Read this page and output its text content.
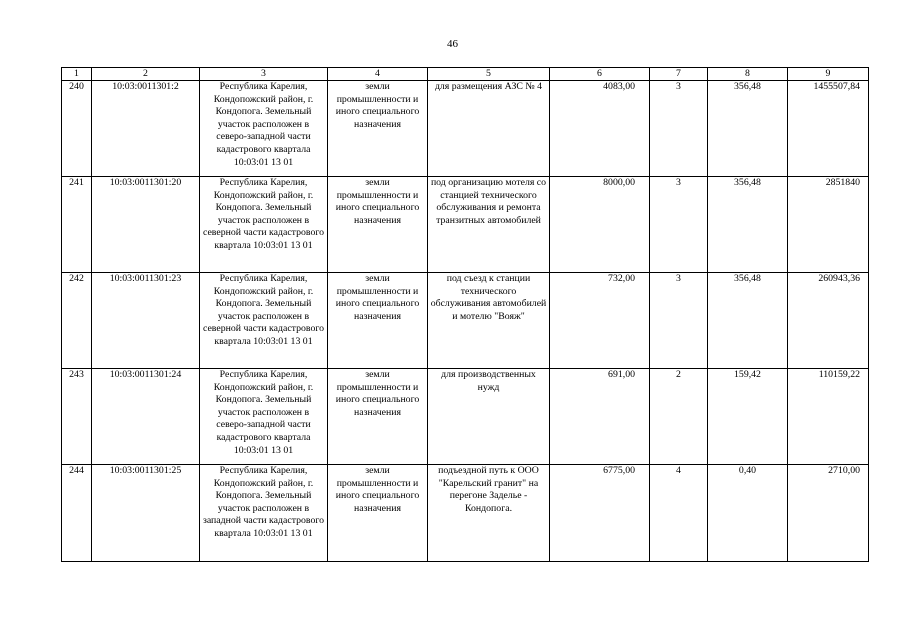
46
1	2	3	4	5	6	7	8	9
240	10:03:0011301:2	Республика Карелия, Кондопожский район, г. Кондопога. Земельный участок расположен в северо-западной части кадастрового квартала 10:03:01 13 01	земли промышленности и иного специального назначения	для размещения АЗС № 4	4083,00	3	356,48	1455507,84
241	10:03:0011301:20	Республика Карелия, Кондопожский район, г. Кондопога. Земельный участок расположен в северной части кадастрового квартала 10:03:01 13 01	земли промышленности и иного специального назначения	под организацию мотеля со станцией технического обслуживания и ремонта транзитных автомобилей	8000,00	3	356,48	2851840
242	10:03:0011301:23	Республика Карелия, Кондопожский район, г. Кондопога. Земельный участок расположен в северной части кадастрового квартала 10:03:01 13 01	земли промышленности и иного специального назначения	под съезд к станции технического обслуживания автомобилей и мотелю "Вояж"	732,00	3	356,48	260943,36
243	10:03:0011301:24	Республика Карелия, Кондопожский район, г. Кондопога. Земельный участок расположен в северо-западной части кадастрового квартала 10:03:01 13 01	земли промышленности и иного специального назначения	для производственных нужд	691,00	2	159,42	110159,22
244	10:03:0011301:25	Республика Карелия, Кондопожский район, г. Кондопога. Земельный участок расположен в западной части кадастрового квартала 10:03:01 13 01	земли промышленности и иного специального назначения	подъездной путь к ООО "Карельский гранит" на перегоне Заделье - Кондопога.	6775,00	4	0,40	2710,00
